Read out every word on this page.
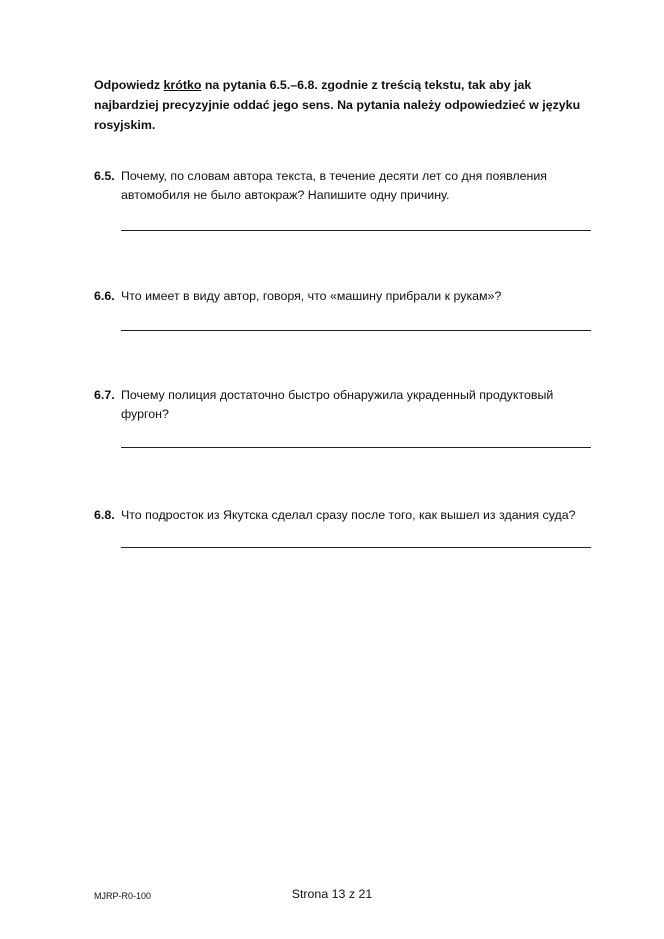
Odpowiedz krótko na pytania 6.5.–6.8. zgodnie z treścią tekstu, tak aby jak najbardziej precyzyjnie oddać jego sens. Na pytania należy odpowiedzieć w języku rosyjskim.
6.5. Почему, по словам автора текста, в течение десяти лет со дня появления автомобиля не было автокраж? Напишите одну причину.
6.6. Что имеет в виду автор, говоря, что «машину прибрали к рукам»?
6.7. Почему полиция достаточно быстро обнаружила украденный продуктовый фургон?
6.8. Что подросток из Якутска сделал сразу после того, как вышел из здания суда?
MJRP-R0-100	Strona 13 z 21
